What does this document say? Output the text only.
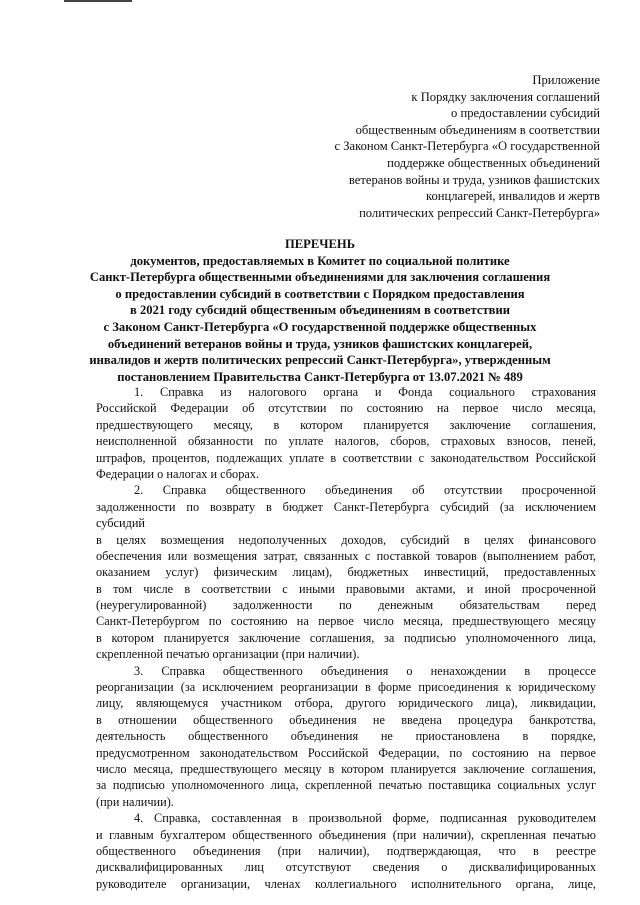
Приложение
к Порядку заключения соглашений
о предоставлении субсидий
общественным объединениям в соответствии
с Законом Санкт-Петербурга «О государственной
поддержке общественных объединений
ветеранов войны и труда, узников фашистских
концлагерей, инвалидов и жертв
политических репрессий Санкт-Петербурга»
ПЕРЕЧЕНЬ
документов, предоставляемых в Комитет по социальной политике
Санкт-Петербурга общественными объединениями для заключения соглашения
о предоставлении субсидий в соответствии с Порядком предоставления
в 2021 году субсидий общественным объединениям в соответствии
с Законом Санкт-Петербурга «О государственной поддержке общественных
объединений ветеранов войны и труда, узников фашистских концлагерей,
инвалидов и жертв политических репрессий Санкт-Петербурга», утвержденным
постановлением Правительства Санкт-Петербурга от 13.07.2021 № 489
1. Справка из налогового органа и Фонда социального страхования
Российской Федерации об отсутствии по состоянию на первое число месяца,
предшествующего месяцу, в котором планируется заключение соглашения,
неисполненной обязанности по уплате налогов, сборов, страховых взносов, пеней,
штрафов, процентов, подлежащих уплате в соответствии с законодательством Российской
Федерации о налогах и сборах.
2. Справка общественного объединения об отсутствии просроченной
задолженности по возврату в бюджет Санкт-Петербурга субсидий (за исключением
субсидий
в целях возмещения недополученных доходов, субсидий в целях финансового
обеспечения или возмещения затрат, связанных с поставкой товаров (выполнением работ,
оказанием услуг) физическим лицам), бюджетных инвестиций, предоставленных
в том числе в соответствии с иными правовыми актами, и иной просроченной
(неурегулированной) задолженности по денежным обязательствам перед
Санкт-Петербургом по состоянию на первое число месяца, предшествующего месяцу
в котором планируется заключение соглашения, за подписью уполномоченного лица,
скрепленной печатью организации (при наличии).
3. Справка общественного объединения о ненахождении в процессе
реорганизации (за исключением реорганизации в форме присоединения к юридическому
лицу, являющемуся участником отбора, другого юридического лица), ликвидации,
в отношении общественного объединения не введена процедура банкротства,
деятельность общественного объединения не приостановлена в порядке,
предусмотренном законодательством Российской Федерации, по состоянию на первое
число месяца, предшествующего месяцу в котором планируется заключение соглашения,
за подписью уполномоченного лица, скрепленной печатью поставщика социальных услуг
(при наличии).
4. Справка, составленная в произвольной форме, подписанная руководителем
и главным бухгалтером общественного объединения (при наличии), скрепленная печатью
общественного объединения (при наличии), подтверждающая, что в реестре
дисквалифицированных лиц отсутствуют сведения о дисквалифицированных
руководителе организации, членах коллегиального исполнительного органа, лице,
